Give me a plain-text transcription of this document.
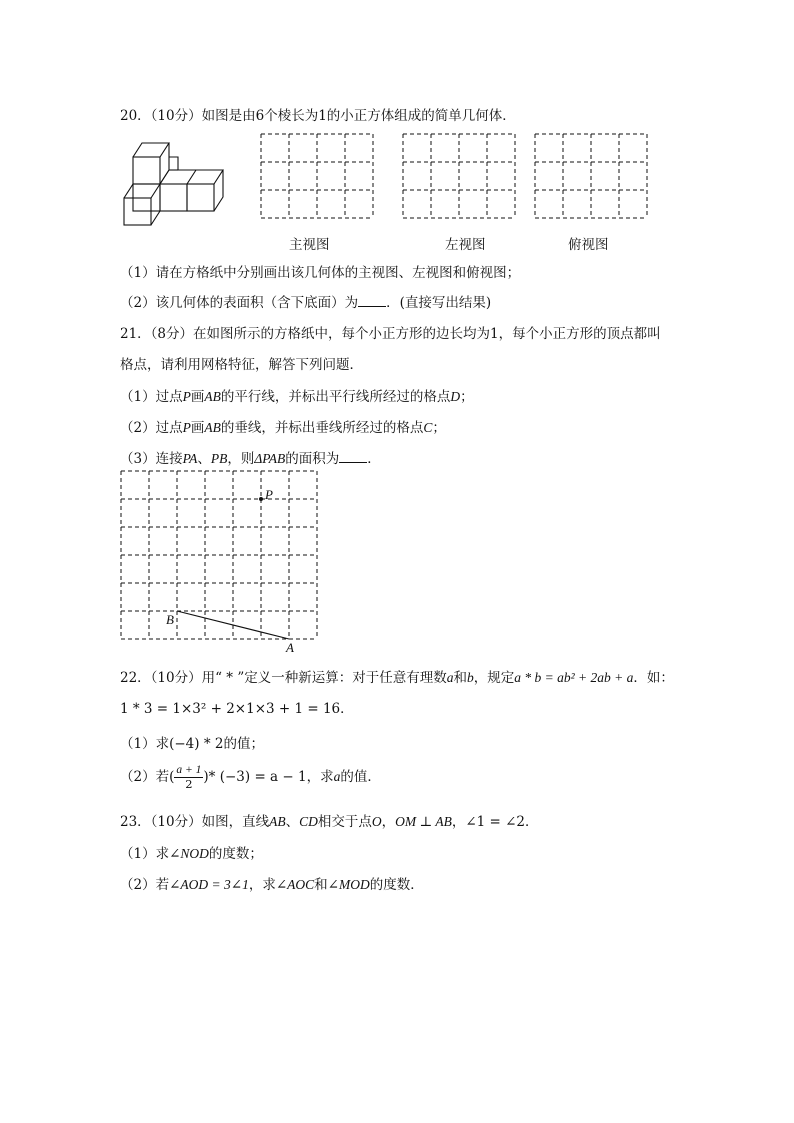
20．（10分）如图是由6个棱长为1的小正方体组成的简单几何体．
主视图	左视图	俯视图
（1）请在方格纸中分别画出该几何体的主视图、左视图和俯视图；
（2）该几何体的表面积（含下底面）为 ．(直接写出结果)
21．（8分）在如图所示的方格纸中，每个小正方形的边长均为1，每个小正方形的顶点都叫
格点，请利用网格特征，解答下列问题．
（1）过点P画AB的平行线，并标出平行线所经过的格点D；
（2）过点P画AB的垂线，并标出垂线所经过的格点C；
（3）连接PA、PB，则ΔPAB的面积为 ．
P
B
A
22．（10分）用“ * ”定义一种新运算：对于任意有理数a和b，规定a * b = ab² + 2ab + a．如：
1 * 3 = 1×3² + 2×1×3 + 1 = 16．
（1）求(−4) * 2的值；
（2）若( $\frac{a + 1}{2}$ )* (−3) = a − 1，求a的值．
23．（10分）如图，直线AB、CD相交于点O，OM ⊥ AB，∠1 = ∠2．
（1）求∠NOD的度数；
（2）若∠AOD = 3∠1，求∠AOC和∠MOD的度数．
